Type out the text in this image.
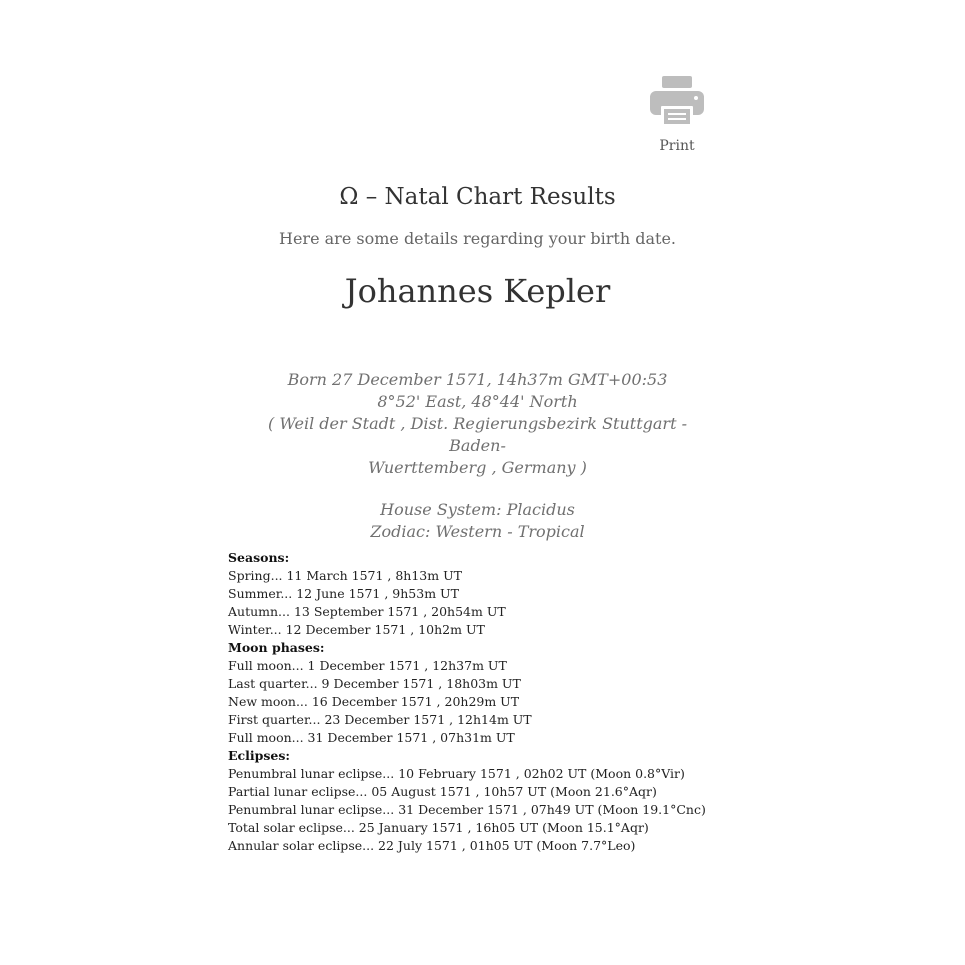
Print
Ω – Natal Chart Results

Here are some details regarding your birth date.

Johannes Kepler
Born 27 December 1571, 14h37m GMT+00:53
8°52' East, 48°44' North
( Weil der Stadt , Dist. Regierungsbezirk Stuttgart - Baden-
Wuerttemberg , Germany )
House System: Placidus
Zodiac: Western - Tropical
Seasons:
Spring... 11 March 1571 , 8h13m UT
Summer... 12 June 1571 , 9h53m UT
Autumn... 13 September 1571 , 20h54m UT
Winter... 12 December 1571 , 10h2m UT
Moon phases:
Full moon... 1 December 1571 , 12h37m UT
Last quarter... 9 December 1571 , 18h03m UT
New moon... 16 December 1571 , 20h29m UT
First quarter... 23 December 1571 , 12h14m UT
Full moon... 31 December 1571 , 07h31m UT
Eclipses:
Penumbral lunar eclipse... 10 February 1571 , 02h02 UT (Moon 0.8°Vir)
Partial lunar eclipse... 05 August 1571 , 10h57 UT (Moon 21.6°Aqr)
Penumbral lunar eclipse... 31 December 1571 , 07h49 UT (Moon 19.1°Cnc)
Total solar eclipse... 25 January 1571 , 16h05 UT (Moon 15.1°Aqr)
Annular solar eclipse... 22 July 1571 , 01h05 UT (Moon 7.7°Leo)
